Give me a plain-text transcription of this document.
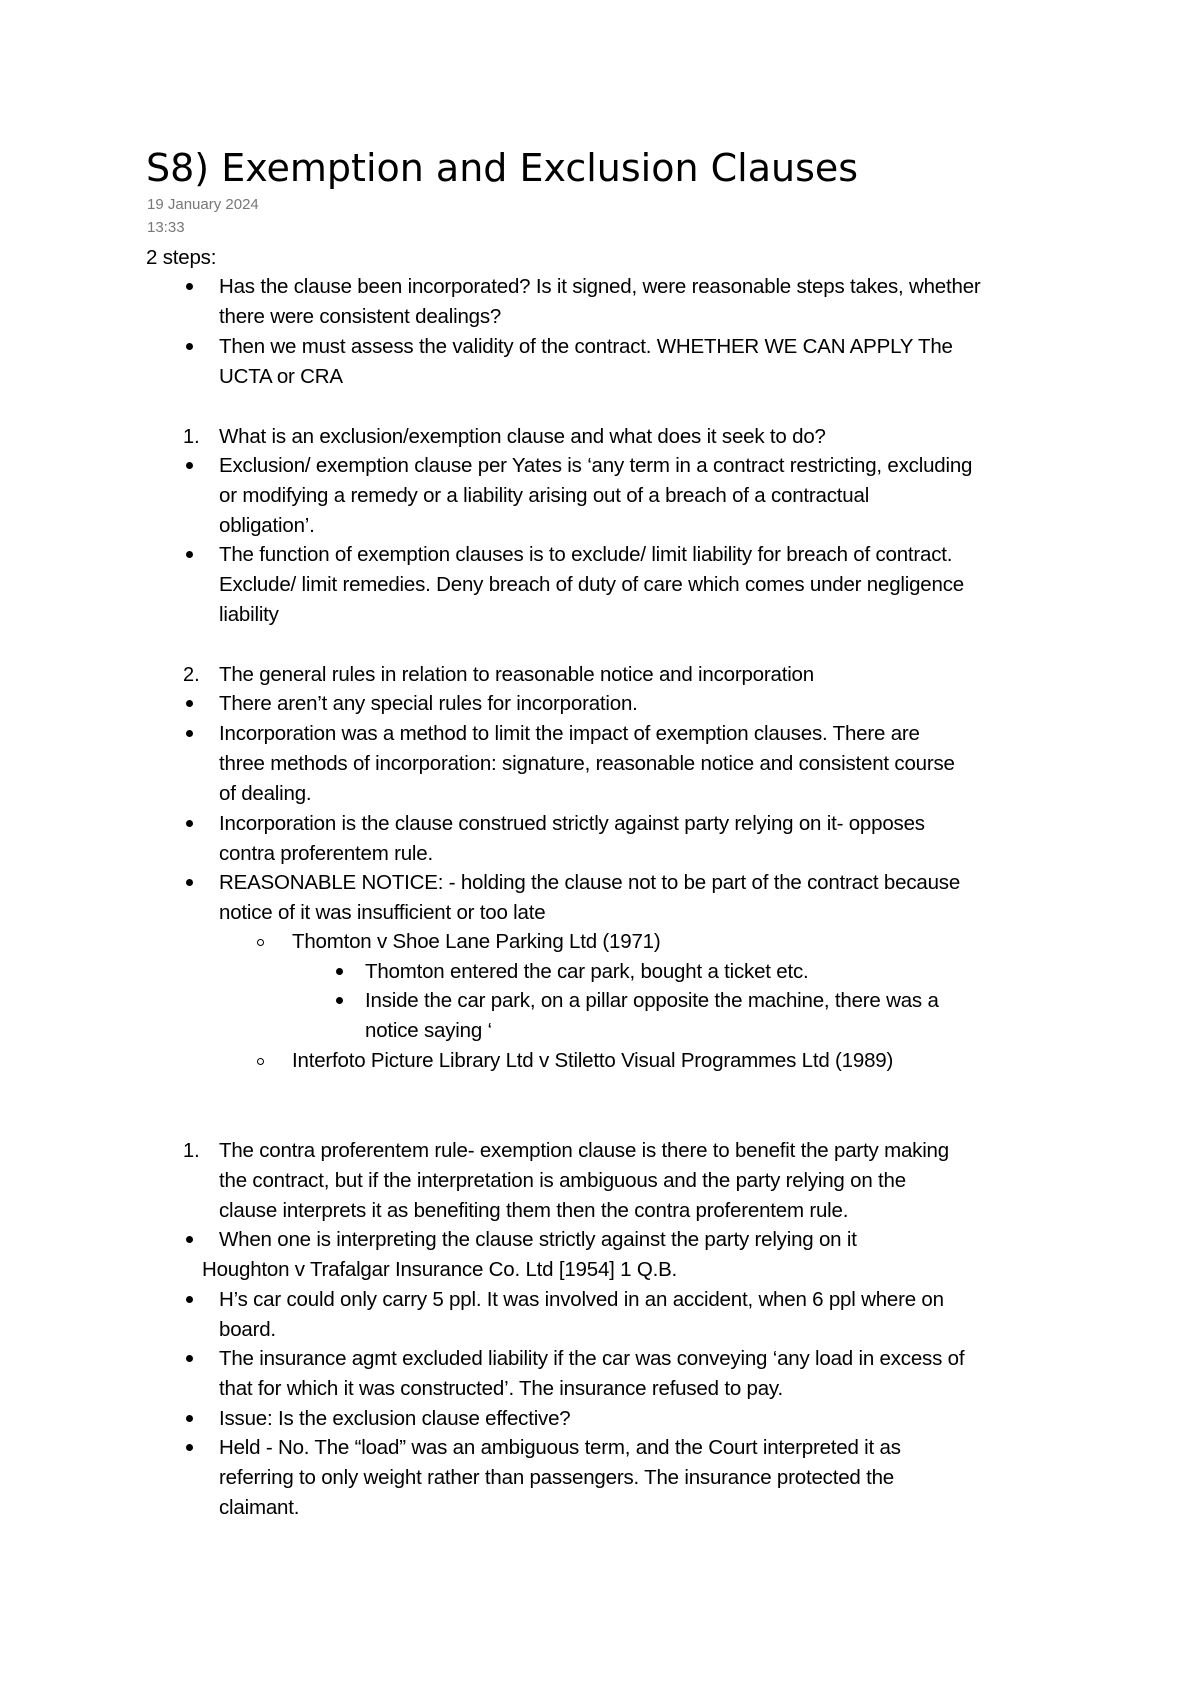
S8) Exemption and Exclusion Clauses
19 January 2024
13:33
2 steps:
Has the clause been incorporated? Is it signed, were reasonable steps takes, whether
there were consistent dealings?
Then we must assess the validity of the contract. WHETHER WE CAN APPLY The
UCTA or CRA
1. What is an exclusion/exemption clause and what does it seek to do?
Exclusion/ exemption clause per Yates is ‘any term in a contract restricting, excluding
or modifying a remedy or a liability arising out of a breach of a contractual
obligation’.
The function of exemption clauses is to exclude/ limit liability for breach of contract.
Exclude/ limit remedies. Deny breach of duty of care which comes under negligence
liability
2. The general rules in relation to reasonable notice and incorporation
There aren’t any special rules for incorporation.
Incorporation was a method to limit the impact of exemption clauses. There are
three methods of incorporation: signature, reasonable notice and consistent course
of dealing.
Incorporation is the clause construed strictly against party relying on it- opposes
contra proferentem rule.
REASONABLE NOTICE: - holding the clause not to be part of the contract because
notice of it was insufficient or too late
Thomton v Shoe Lane Parking Ltd (1971)
Thomton entered the car park, bought a ticket etc.
Inside the car park, on a pillar opposite the machine, there was a
notice saying ‘
Interfoto Picture Library Ltd v Stiletto Visual Programmes Ltd (1989)
1. The contra proferentem rule- exemption clause is there to benefit the party making
the contract, but if the interpretation is ambiguous and the party relying on the
clause interprets it as benefiting them then the contra proferentem rule.
When one is interpreting the clause strictly against the party relying on it
Houghton v Trafalgar Insurance Co. Ltd [1954] 1 Q.B.
H’s car could only carry 5 ppl. It was involved in an accident, when 6 ppl where on
board.
The insurance agmt excluded liability if the car was conveying ‘any load in excess of
that for which it was constructed’. The insurance refused to pay.
Issue: Is the exclusion clause effective?
Held - No. The “load” was an ambiguous term, and the Court interpreted it as
referring to only weight rather than passengers. The insurance protected the
claimant.
